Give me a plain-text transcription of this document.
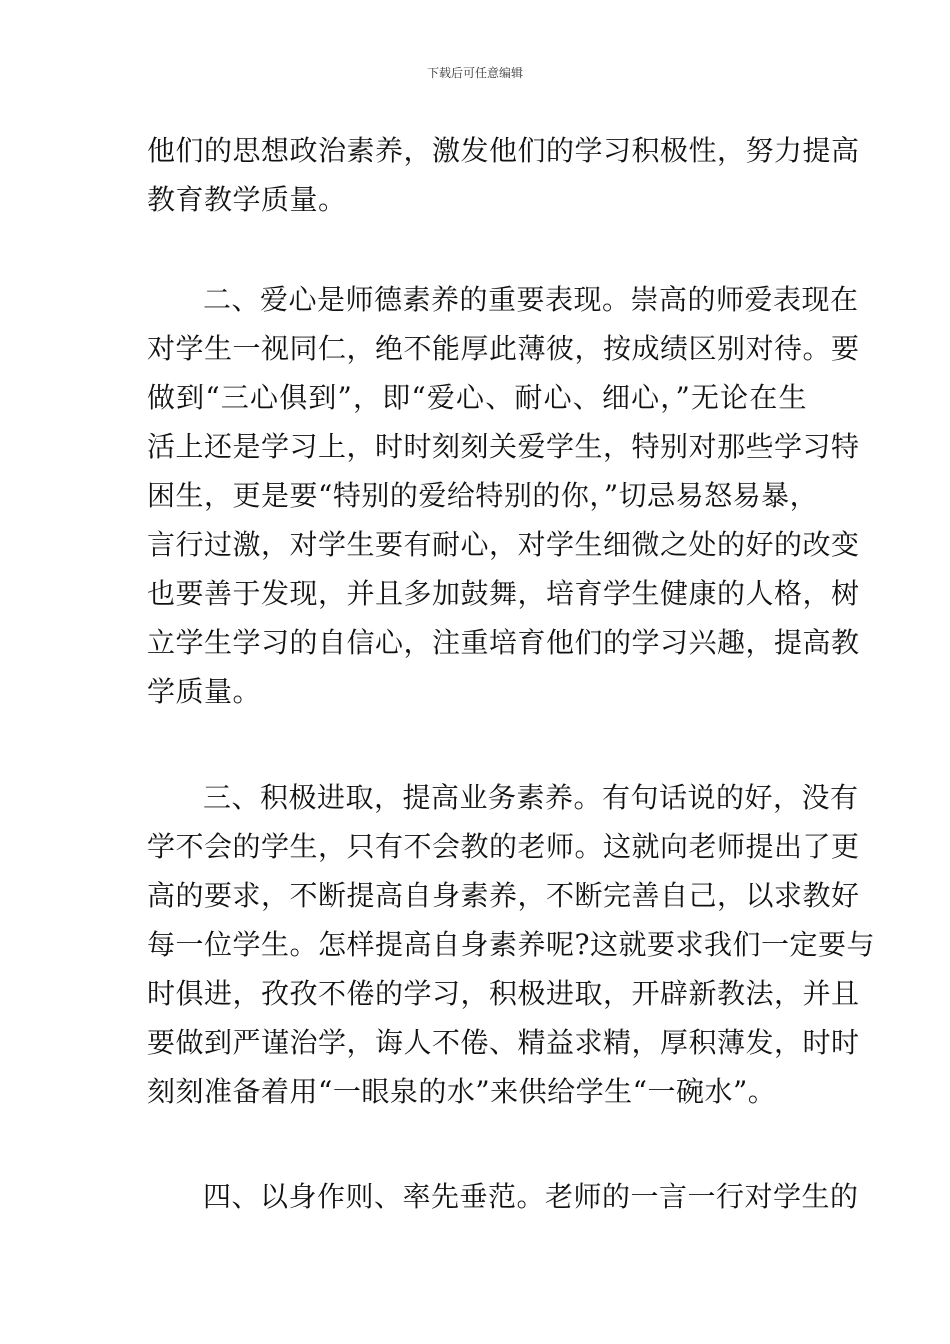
下载后可任意编辑
他们的思想政治素养，激发他们的学习积极性，努力提高
教育教学质量。
二、爱心是师德素养的重要表现。崇高的师爱表现在
对学生一视同仁，绝不能厚此薄彼，按成绩区别对待。要
做到“三心俱到”，即“爱心、耐心、细心，”无论在生
活上还是学习上，时时刻刻关爱学生，特别对那些学习特
困生，更是要“特别的爱给特别的你，”切忌易怒易暴，
言行过激，对学生要有耐心，对学生细微之处的好的改变
也要善于发现，并且多加鼓舞，培育学生健康的人格，树
立学生学习的自信心，注重培育他们的学习兴趣，提高教
学质量。
三、积极进取，提高业务素养。有句话说的好，没有
学不会的学生，只有不会教的老师。这就向老师提出了更
高的要求，不断提高自身素养，不断完善自己，以求教好
每一位学生。怎样提高自身素养呢?这就要求我们一定要与
时俱进，孜孜不倦的学习，积极进取，开辟新教法，并且
要做到严谨治学，诲人不倦、精益求精，厚积薄发，时时
刻刻准备着用“一眼泉的水”来供给学生“一碗水”。
四、以身作则、率先垂范。老师的一言一行对学生的
